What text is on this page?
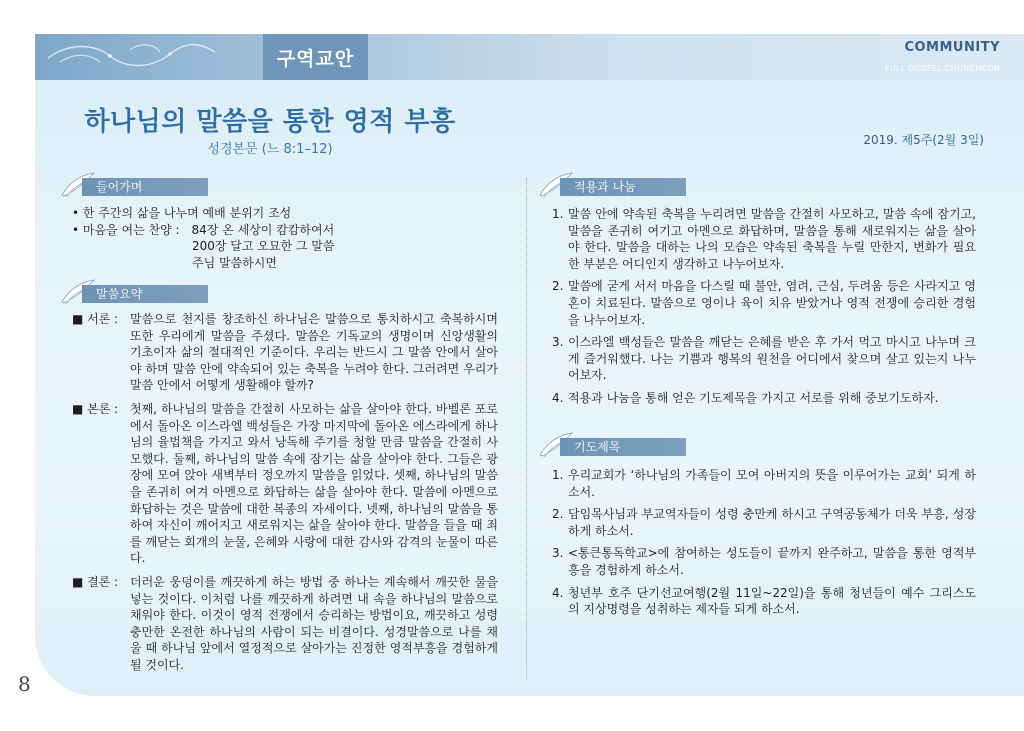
구역교안	COMMUNITY
FULL GOSPEL CHUNCHEON
하나님의 말씀을 통한 영적 부흥
성경본문 (느 8:1–12)
2019. 제5주(2월 3일)
들어가며

• 한 주간의 삶을 나누며 예배 분위기 조성

• 마음을 여는 찬양 :	84장 온 세상이 캄캄하여서

200장 달고 오묘한 그 말씀

주님 말씀하시면

말씀요약
■ 서론 : 말씀으로 천지를 창조하신 하나님은 말씀으로 통치하시고 축복하시며 또한 우리에게 말씀을 주셨다. 말씀은 기독교의 생명이며 신앙생활의 기초이자 삶의 절대적인 기준이다. 우리는 반드시 그 말씀 안에서 살아야 하며 말씀 안에 약속되어 있는 축복을 누려야 한다. 그러려면 우리가 말씀 안에서 어떻게 생활해야 할까?
■ 본론 : 첫째, 하나님의 말씀을 간절히 사모하는 삶을 살아야 한다. 바벨론 포로에서 돌아온 이스라엘 백성들은 가장 마지막에 돌아온 에스라에게 하나님의 율법책을 가지고 와서 낭독해 주기를 청할 만큼 말씀을 간절히 사모했다. 둘째, 하나님의 말씀 속에 잠기는 삶을 살아야 한다. 그들은 광장에 모여 앉아 새벽부터 정오까지 말씀을 읽었다. 셋째, 하나님의 말씀을 존귀히 여겨 아멘으로 화답하는 삶을 살아야 한다. 말씀에 아멘으로 화답하는 것은 말씀에 대한 복종의 자세이다. 넷째, 하나님의 말씀을 통하여 자신이 깨어지고 새로워지는 삶을 살아야 한다. 말씀을 들을 때 죄를 깨닫는 회개의 눈물, 은혜와 사랑에 대한 감사와 감격의 눈물이 따른다.
■ 결론 : 더러운 웅덩이를 깨끗하게 하는 방법 중 하나는 계속해서 깨끗한 물을 넣는 것이다. 이처럼 나를 깨끗하게 하려면 내 속을 하나님의 말씀으로 채워야 한다. 이것이 영적 전쟁에서 승리하는 방법이요, 깨끗하고 성령 충만한 온전한 하나님의 사람이 되는 비결이다. 성경말씀으로 나를 채울 때 하나님 앞에서 열정적으로 살아가는 진정한 영적부흥을 경험하게 될 것이다.
적용과 나눔
1. 말씀 안에 약속된 축복을 누리려면 말씀을 간절히 사모하고, 말씀 속에 잠기고, 말씀을 존귀히 여기고 아멘으로 화답하며, 말씀을 통해 새로워지는 삶을 살아야 한다. 말씀을 대하는 나의 모습은 약속된 축복을 누릴 만한지, 변화가 필요한 부분은 어디인지 생각하고 나누어보자.
2. 말씀에 굳게 서서 마음을 다스릴 때 불안, 염려, 근심, 두려움 등은 사라지고 영혼이 치료된다. 말씀으로 영이나 육이 치유 받았거나 영적 전쟁에 승리한 경험을 나누어보자.
3. 이스라엘 백성들은 말씀을 깨닫는 은혜를 받은 후 가서 먹고 마시고 나누며 크게 즐거워했다. 나는 기쁨과 행복의 원천을 어디에서 찾으며 살고 있는지 나누어보자.
4. 적용과 나눔을 통해 얻은 기도제목을 가지고 서로를 위해 중보기도하자.
기도제목
1. 우리교회가 ‘하나님의 가족들이 모여 아버지의 뜻을 이루어가는 교회’ 되게 하소서.
2. 담임목사님과 부교역자들이 성령 충만케 하시고 구역공동체가 더욱 부흥, 성장하게 하소서.
3. <통큰통독학교>에 참여하는 성도들이 끝까지 완주하고, 말씀을 통한 영적부흥을 경험하게 하소서.
4. 청년부 호주 단기선교여행(2월 11일~22일)을 통해 청년들이 예수 그리스도의 지상명령을 성취하는 제자들 되게 하소서.
8
